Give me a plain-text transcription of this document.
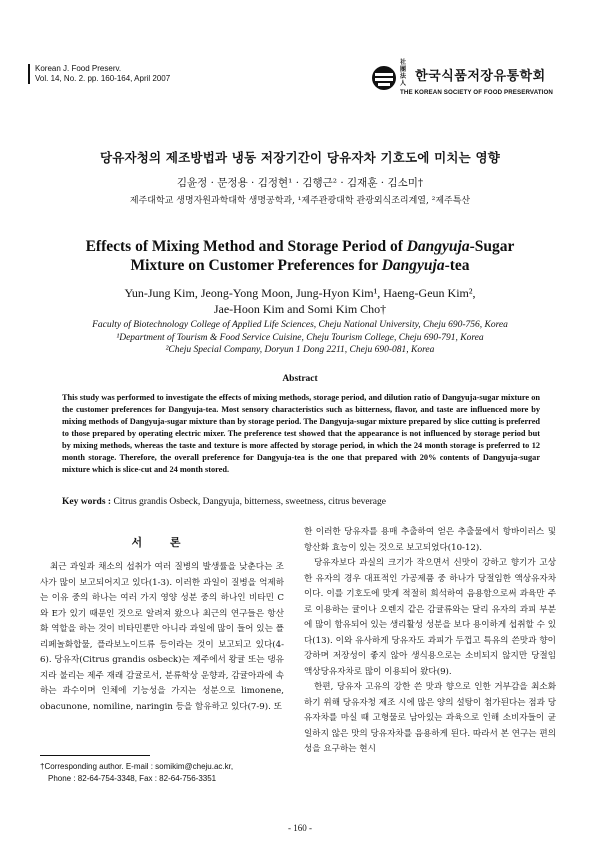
Korean J. Food Preserv.
Vol. 14, No. 2. pp. 160-164, April 2007
社團法人 한국식품저장유통학회
THE KOREAN SOCIETY OF FOOD PRESERVATION
당유자청의 제조방법과 냉동 저장기간이 당유자차 기호도에 미치는 영향
김윤정 · 문정용 · 김정현¹ · 김행근² · 김재훈 · 김소미†
제주대학교 생명자원과학대학 생명공학과, ¹제주관광대학 관광외식조리계열, ²제주특산
Effects of Mixing Method and Storage Period of Dangyuja-Sugar
Mixture on Customer Preferences for Dangyuja-tea
Yun-Jung Kim, Jeong-Yong Moon, Jung-Hyon Kim¹, Haeng-Geun Kim²,
Jae-Hoon Kim and Somi Kim Cho†
Faculty of Biotechnology College of Applied Life Sciences, Cheju National University, Cheju 690-756, Korea
¹Department of Tourism & Food Service Cuisine, Cheju Tourism College, Cheju 690-791, Korea
²Cheju Special Company, Doryun 1 Dong 2211, Cheju 690-081, Korea
Abstract
This study was performed to investigate the effects of mixing methods, storage period, and dilution ratio of Dangyuja-sugar mixture on the customer preferences for Dangyuja-tea. Most sensory characteristics such as bitterness, flavor, and taste are influenced more by mixing methods of Dangyuja-sugar mixture than by storage period. The Dangyuja-sugar mixture prepared by slice cutting is preferred to those prepared by operating electric mixer. The preference test showed that the appearance is not influenced by storage period but by mixing methods, whereas the taste and texture is more affected by storage period, in which the 24 month storage is preferred to 12 month storage. Therefore, the overall preference for Dangyuja-tea is the one that prepared with 20% contents of Dangyuja-sugar mixture which is slice-cut and 24 month stored.
Key words : Citrus grandis Osbeck, Dangyuja, bitterness, sweetness, citrus beverage
서 론

최근 과일과 채소의 섭취가 여러 질병의 발생률을 낮춘다는 조사가 많이 보고되어지고 있다(1-3). 이러한 과일이 질병을 억제하는 이유 중의 하나는 여러 가지 영양 성분 중의 하나인 비타민 C와 E가 있기 때문인 것으로 알려져 왔으나 최근의 연구들은 항산화 역할을 하는 것이 비타민뿐만 아니라 과일에 많이 들어 있는 폴리페놀화합물, 플라보노이드류 등이라는 것이 보고되고 있다(4-6). 당유자(Citrus grandis osbeck)는 제주에서 왕귤 또는 댕유지라 불리는 제주 재래 감귤로서, 분류학상 운향과, 감귤아과에 속하는 과수이며 인체에 기능성을 가지는 성분으로 limonene, obacunone, nomiline, naringin 등을 함유하고 있다(7-9). 또

한 이러한 당유자를 용매 추출하여 얻은 추출물에서 항바이러스 및 항산화 효능이 있는 것으로 보고되었다(10-12).

당유자보다 과실의 크기가 작으면서 신맛이 강하고 향기가 고상한 유자의 경우 대표적인 가공제품 중 하나가 당절임한 액상유자차이다. 이를 기호도에 맞게 적절히 희석하여 음용함으로써 과육만 주로 이용하는 귤이나 오렌지 같은 감귤류와는 달리 유자의 과피 부분에 많이 함유되어 있는 생리활성 성분을 보다 용이하게 섭취할 수 있다(13). 이와 유사하게 당유자도 과피가 두껍고 특유의 쓴맛과 향이 강하며 저장성이 좋지 않아 생식용으로는 소비되지 않지만 당절임 액상당유자차로 많이 이용되어 왔다(9).

한편, 당유자 고유의 강한 쓴 맛과 향으로 인한 거부감을 최소화하기 위해 당유자청 제조 시에 많은 양의 설탕이 첨가된다는 점과 당유자차를 마실 때 고형물로 남아있는 과육으로 인해 소비자들이 균일하지 않은 맛의 당유자차를 음용하게 된다. 따라서 본 연구는 편의성을 요구하는 현시

†Corresponding author. E-mail : somikim@cheju.ac.kr,
Phone : 82-64-754-3348, Fax : 82-64-756-3351
- 160 -
